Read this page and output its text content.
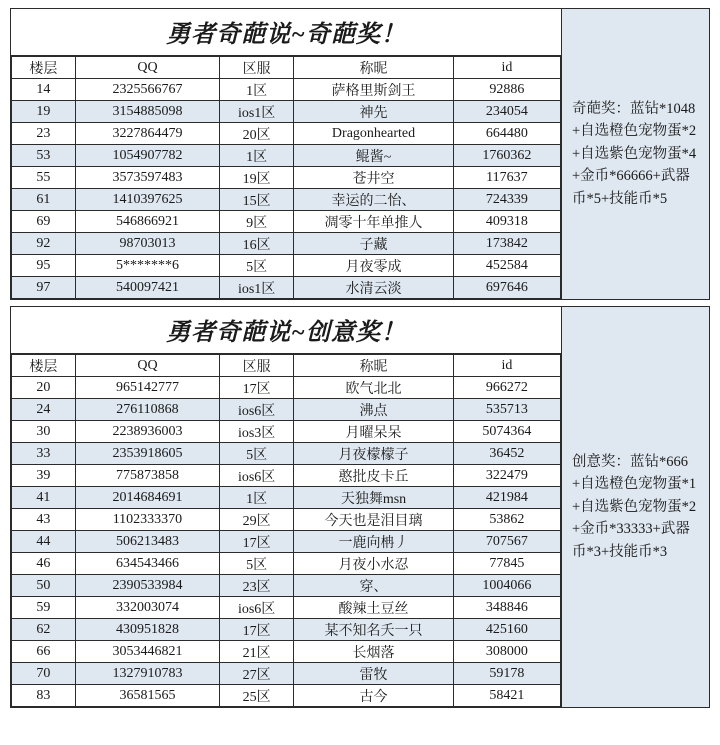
勇者奇葩说~奇葩奖！
楼层	QQ	区服	称昵	id
14	2325566767	1区	萨格里斯剑王	92886
19	3154885098	ios1区	神先	234054
23	3227864479	20区	Dragonhearted	664480
53	1054907782	1区	鲲酱~	1760362
55	3573597483	19区	苍井空	117637
61	1410397625	15区	幸运的二怡、	724339
69	546866921	9区	凋零十年单推人	409318
92	98703013	16区	子藏	173842
95	5*******6	5区	月夜零成	452584
97	540097421	ios1区	水清云淡	697646
奇葩奖：蓝钻*1048+自选橙色宠物蛋*2+自选紫色宠物蛋*4+金币*66666+武器币*5+技能币*5
勇者奇葩说~创意奖！
楼层	QQ	区服	称昵	id
20	965142777	17区	欧气北北	966272
24	276110868	ios6区	沸点	535713
30	2238936003	ios3区	月曜呆呆	5074364
33	2353918605	5区	月夜檬檬子	36452
39	775873858	ios6区	憨批皮卡丘	322479
41	2014684691	1区	天独舞msn	421984
43	1102333370	29区	今天也是泪目璃	53862
44	506213483	17区	一鹿向柟丿	707567
46	634543466	5区	月夜小水忍	77845
50	2390533984	23区	穿、	1004066
59	332003074	ios6区	酸辣土豆丝	348846
62	430951828	17区	某不知名夭一只	425160
66	3053446821	21区	长烟落	308000
70	1327910783	27区	雷牧	59178
83	36581565	25区	古今	58421
创意奖：蓝钻*666+自选橙色宠物蛋*1+自选紫色宠物蛋*2+金币*33333+武器币*3+技能币*3
